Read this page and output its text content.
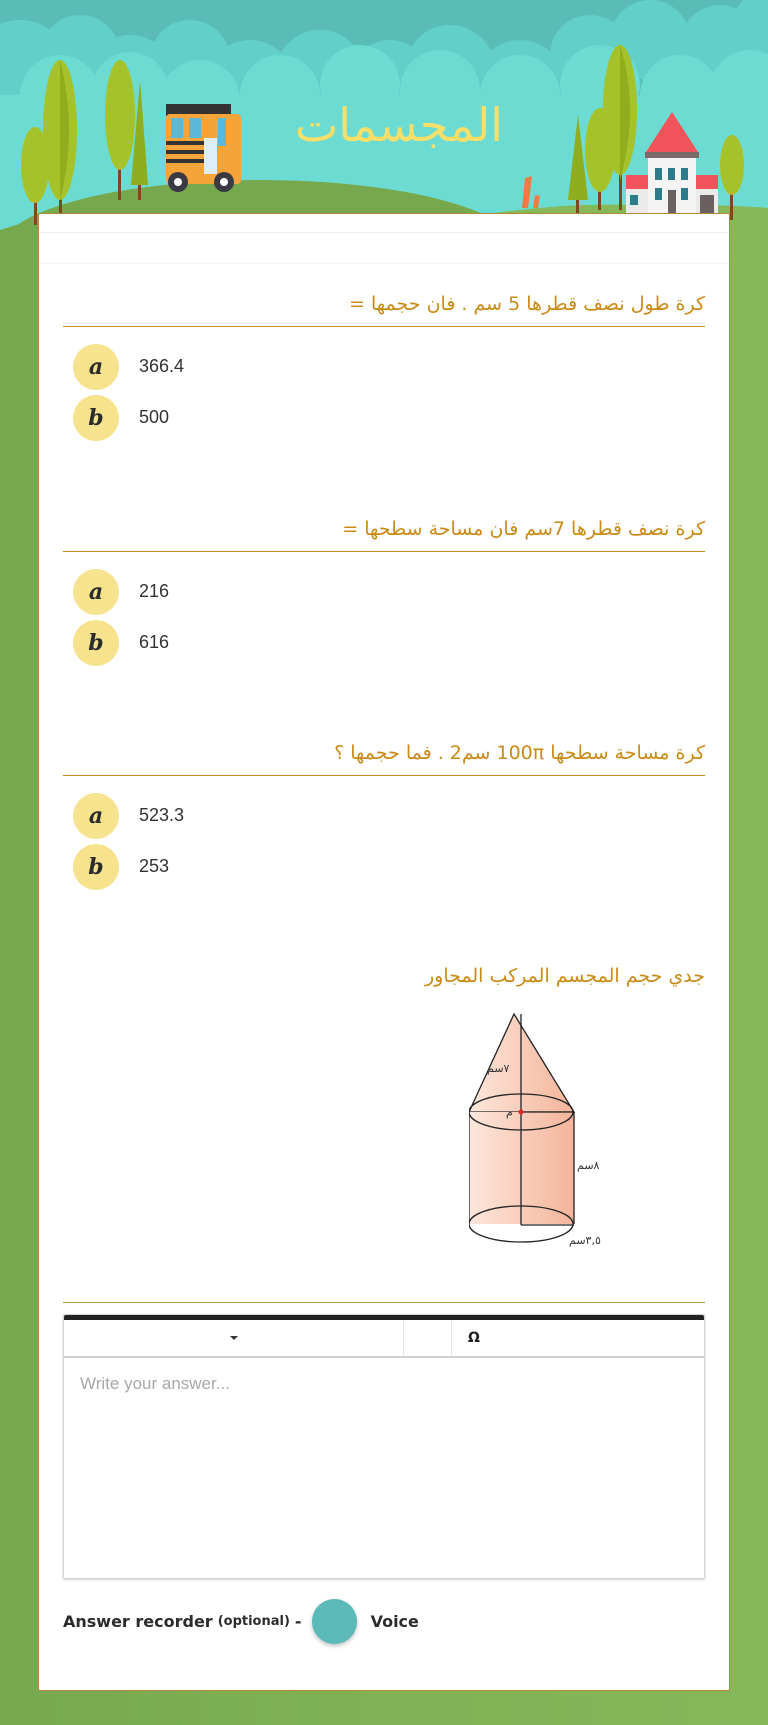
المجسمات
كرة طول نصف قطرها 5 سم . فان حجمها =
a	366.4
b	500
كرة نصف قطرها 7سم فان مساحة سطحها =
a	216
b	616
كرة مساحة سطحها 100π سم2 . فما حجمها ؟
a	523.3
b	253
جدي حجم المجسم المركب المجاور
٧سم
م
٨سم
٣,٥سم
Ω
Write your answer...
Answer recorder (optional) -	Voice
